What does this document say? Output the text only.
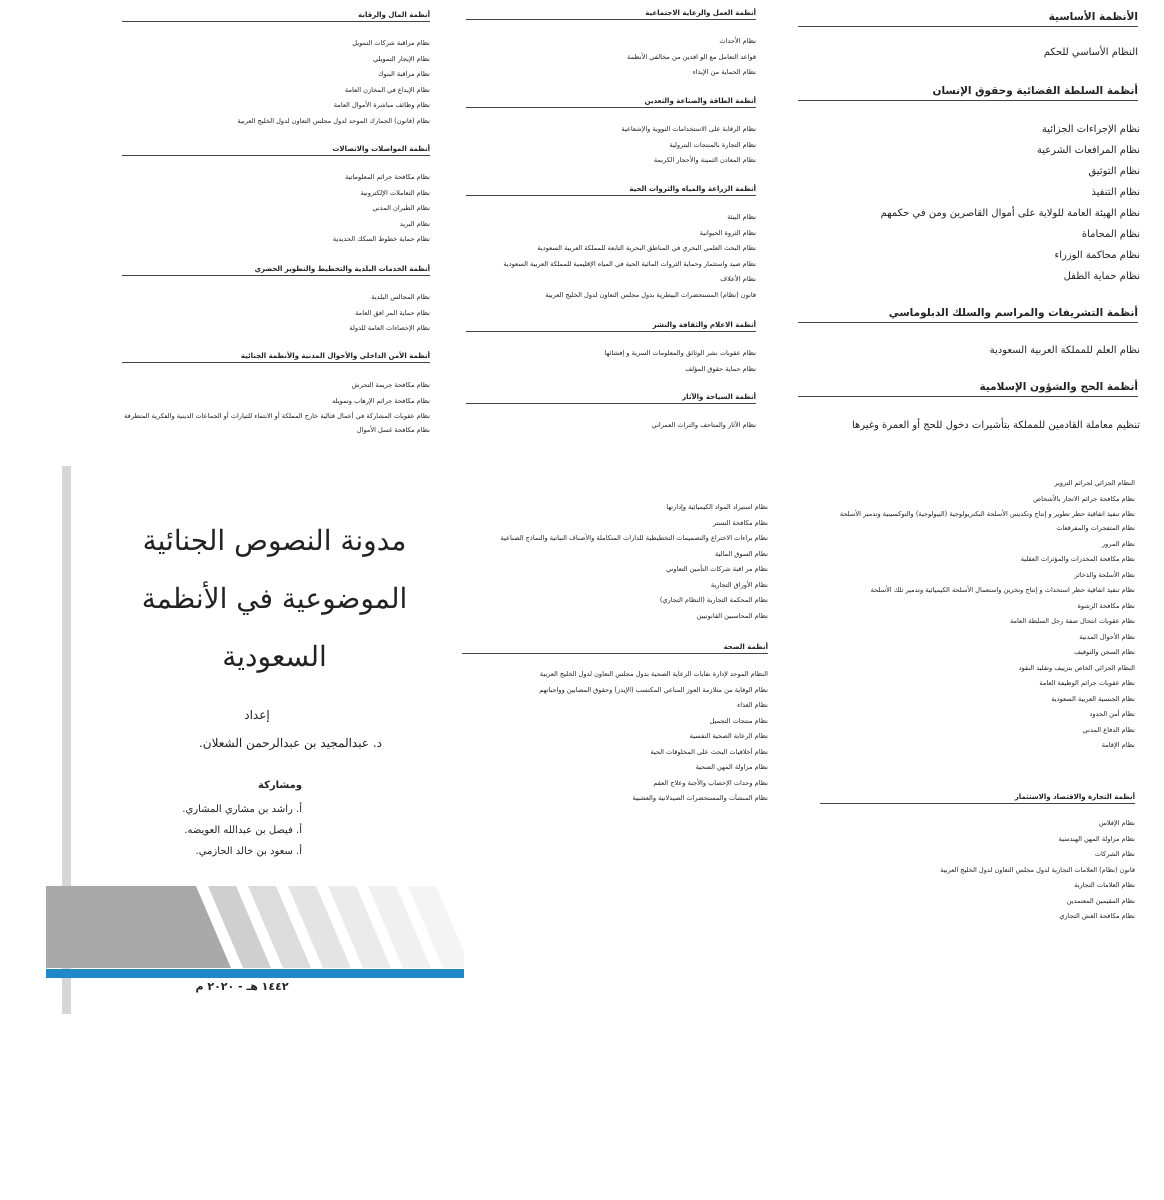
الأنظمة الأساسية
النظام الأساسي للحكم
أنظمة السلطة القضائية وحقوق الإنسان
نظام الإجراءات الجزائية
نظام المرافعات الشرعية
نظام التوثيق
نظام التنفيذ
نظام الهيئة العامة للولاية على أموال القاصرين ومن في حكمهم
نظام المحاماة
نظام محاكمة الوزراء
نظام حماية الطفل
أنظمة التشريفات والمراسم والسلك الدبلوماسي
نظام العلم للمملكة العربية السعودية
أنظمة الحج والشؤون الإسلامية
تنظيم معاملة القادمين للمملكة بتأشيرات دخول للحج أو العمرة وغيرها
النظام الجزائي لجرائم التزوير
نظام مكافحة جرائم الاتجار بالأشخاص
نظام تنفيذ اتفاقية حظر تطوير و إنتاج وتكديس الأسلحة البكتريولوجية (البيولوجية) والتوكسينية وتدمير الأسلحة
نظام المتفجرات والمفرقعات
نظام المرور
نظام مكافحة المخدرات والمؤثرات العقلية
نظام الأسلحة والذخائر
نظام تنفيذ اتفاقية حظر استحداث و إنتاج وتخزين واستعمال الأسلحة الكيميائية وتدمير تلك الأسلحة
نظام مكافحة الرشوة
نظام عقوبات انتحال صفة رجل السلطة العامة
نظام الأحوال المدنية
نظام السجن والتوقيف
النظام الجزائي الخاص بتزييف وتقليد النقود
نظام عقوبات جرائم الوظيفة العامة
نظام الجنسية العربية السعودية
نظام أمن الحدود
نظام الدفاع المدني
نظام الإقامة
أنظمة التجارة والاقتصاد والاستثمار
نظام الإفلاس
نظام مزاولة المهن الهندسية
نظام الشركات
قانون (نظام) العلامات التجارية لدول مجلس التعاون لدول الخليج العربية
نظام العلامات التجارية
نظام المقيمين المعتمدين
نظام مكافحة الغش التجاري
أنظمة العمل والرعاية الاجتماعية
نظام الأحداث
قواعد التعامل مع الو افدين من مخالفي الأنظمة
نظام الحماية من الإيذاء
أنظمة الطاقة والصناعة والتعدين
نظام الرقابة على الاستخدامات النووية والإشعاعية
نظام التجارة بالمنتجات البترولية
نظام المعادن الثمينة والأحجار الكريمة
أنظمة الزراعة والمياه والثروات الحية
نظام البيئة
نظام الثروة الحيوانية
نظام البحث العلمي البحري في المناطق البحرية التابعة للمملكة العربية السعودية
نظام صيد واستثمار وحماية الثروات المائية الحية في المياه الإقليمية للمملكة العربية السعودية
نظام الأعلاف
قانون (نظام) المستحضرات البيطرية بدول مجلس التعاون لدول الخليج العربية
أنظمة الاعلام والثقافة والنشر
نظام عقوبات نشر الوثائق والمعلومات السرية و إفشائها
نظام حماية حقوق المؤلف
أنظمة السياحة والآثار
نظام الآثار والمتاحف والتراث العمراني
نظام استيراد المواد الكيميائية وإدارتها
نظام مكافحة التستر
نظام براءات الاختراع والتصميمات التخطيطية للدارات المتكاملة والأصناف النباتية والنماذج الصناعية
نظام السوق المالية
نظام مر اقبة شركات التأمين التعاوني
نظام الأوراق التجارية
نظام المحكمة التجارية (النظام التجاري)
نظام المحاسبين القانونيين
أنظمة الصحة
النظام الموحد لإدارة نفايات الرعاية الصحية بدول مجلس التعاون لدول الخليج العربية
نظام الوقاية من متلازمة العوز المناعي المكتسب (الإيدز) وحقوق المصابين وواجباتهم
نظام الغذاء
نظام منتجات التجميل
نظام الرعاية الصحية النفسية
نظام أخلاقيات البحث على المخلوقات الحية
نظام مزاولة المهن الصحية
نظام وحدات الإخصاب والأجنة وعلاج العقم
نظام المنشآت والمستحضرات الصيدلانية والعشبية
أنظمة المال والرقابة
نظام مراقبة شركات التمويل
نظام الإيجار التمويلي
نظام مراقبة البنوك
نظام الإيداع في المخازن العامة
نظام وظائف مباشرة الأموال العامة
نظام (قانون) الجمارك الموحد لدول مجلس التعاون لدول الخليج العربية
أنظمة المواصلات والاتصالات
نظام مكافحة جرائم المعلوماتية
نظام التعاملات الإلكترونية
نظام الطيران المدني
نظام البريد
نظام حماية خطوط السكك الحديدية
أنظمة الخدمات البلدية والتخطيط والتطوير الحضري
نظام المجالس البلدية
نظام حماية المر افق العامة
نظام الإحصاءات العامة للدولة
أنظمة الأمن الداخلي والأحوال المدنية والأنظمة الجنائية
نظام مكافحة جريمة التحرش
نظام مكافحة جرائم الإرهاب وتمويله
نظام عقوبات المشاركة في أعمال قتالية خارج المملكة أو الانتماء للتيارات أو الجماعات الدينية والفكرية المتطرفة
نظام مكافحة غسل الأموال
مدونة النصوص الجنائية
الموضوعية في الأنظمة
السعودية
إعداد
د. عبدالمجيد بن عبدالرحمن الشعلان.
ومشاركة
أ. راشد بن مشاري المشاري.
أ. فيصل بن عبدالله العويضه.
أ. سعود بن خالد الحازمي.
١٤٤٢ هـ - ٢٠٢٠ م
